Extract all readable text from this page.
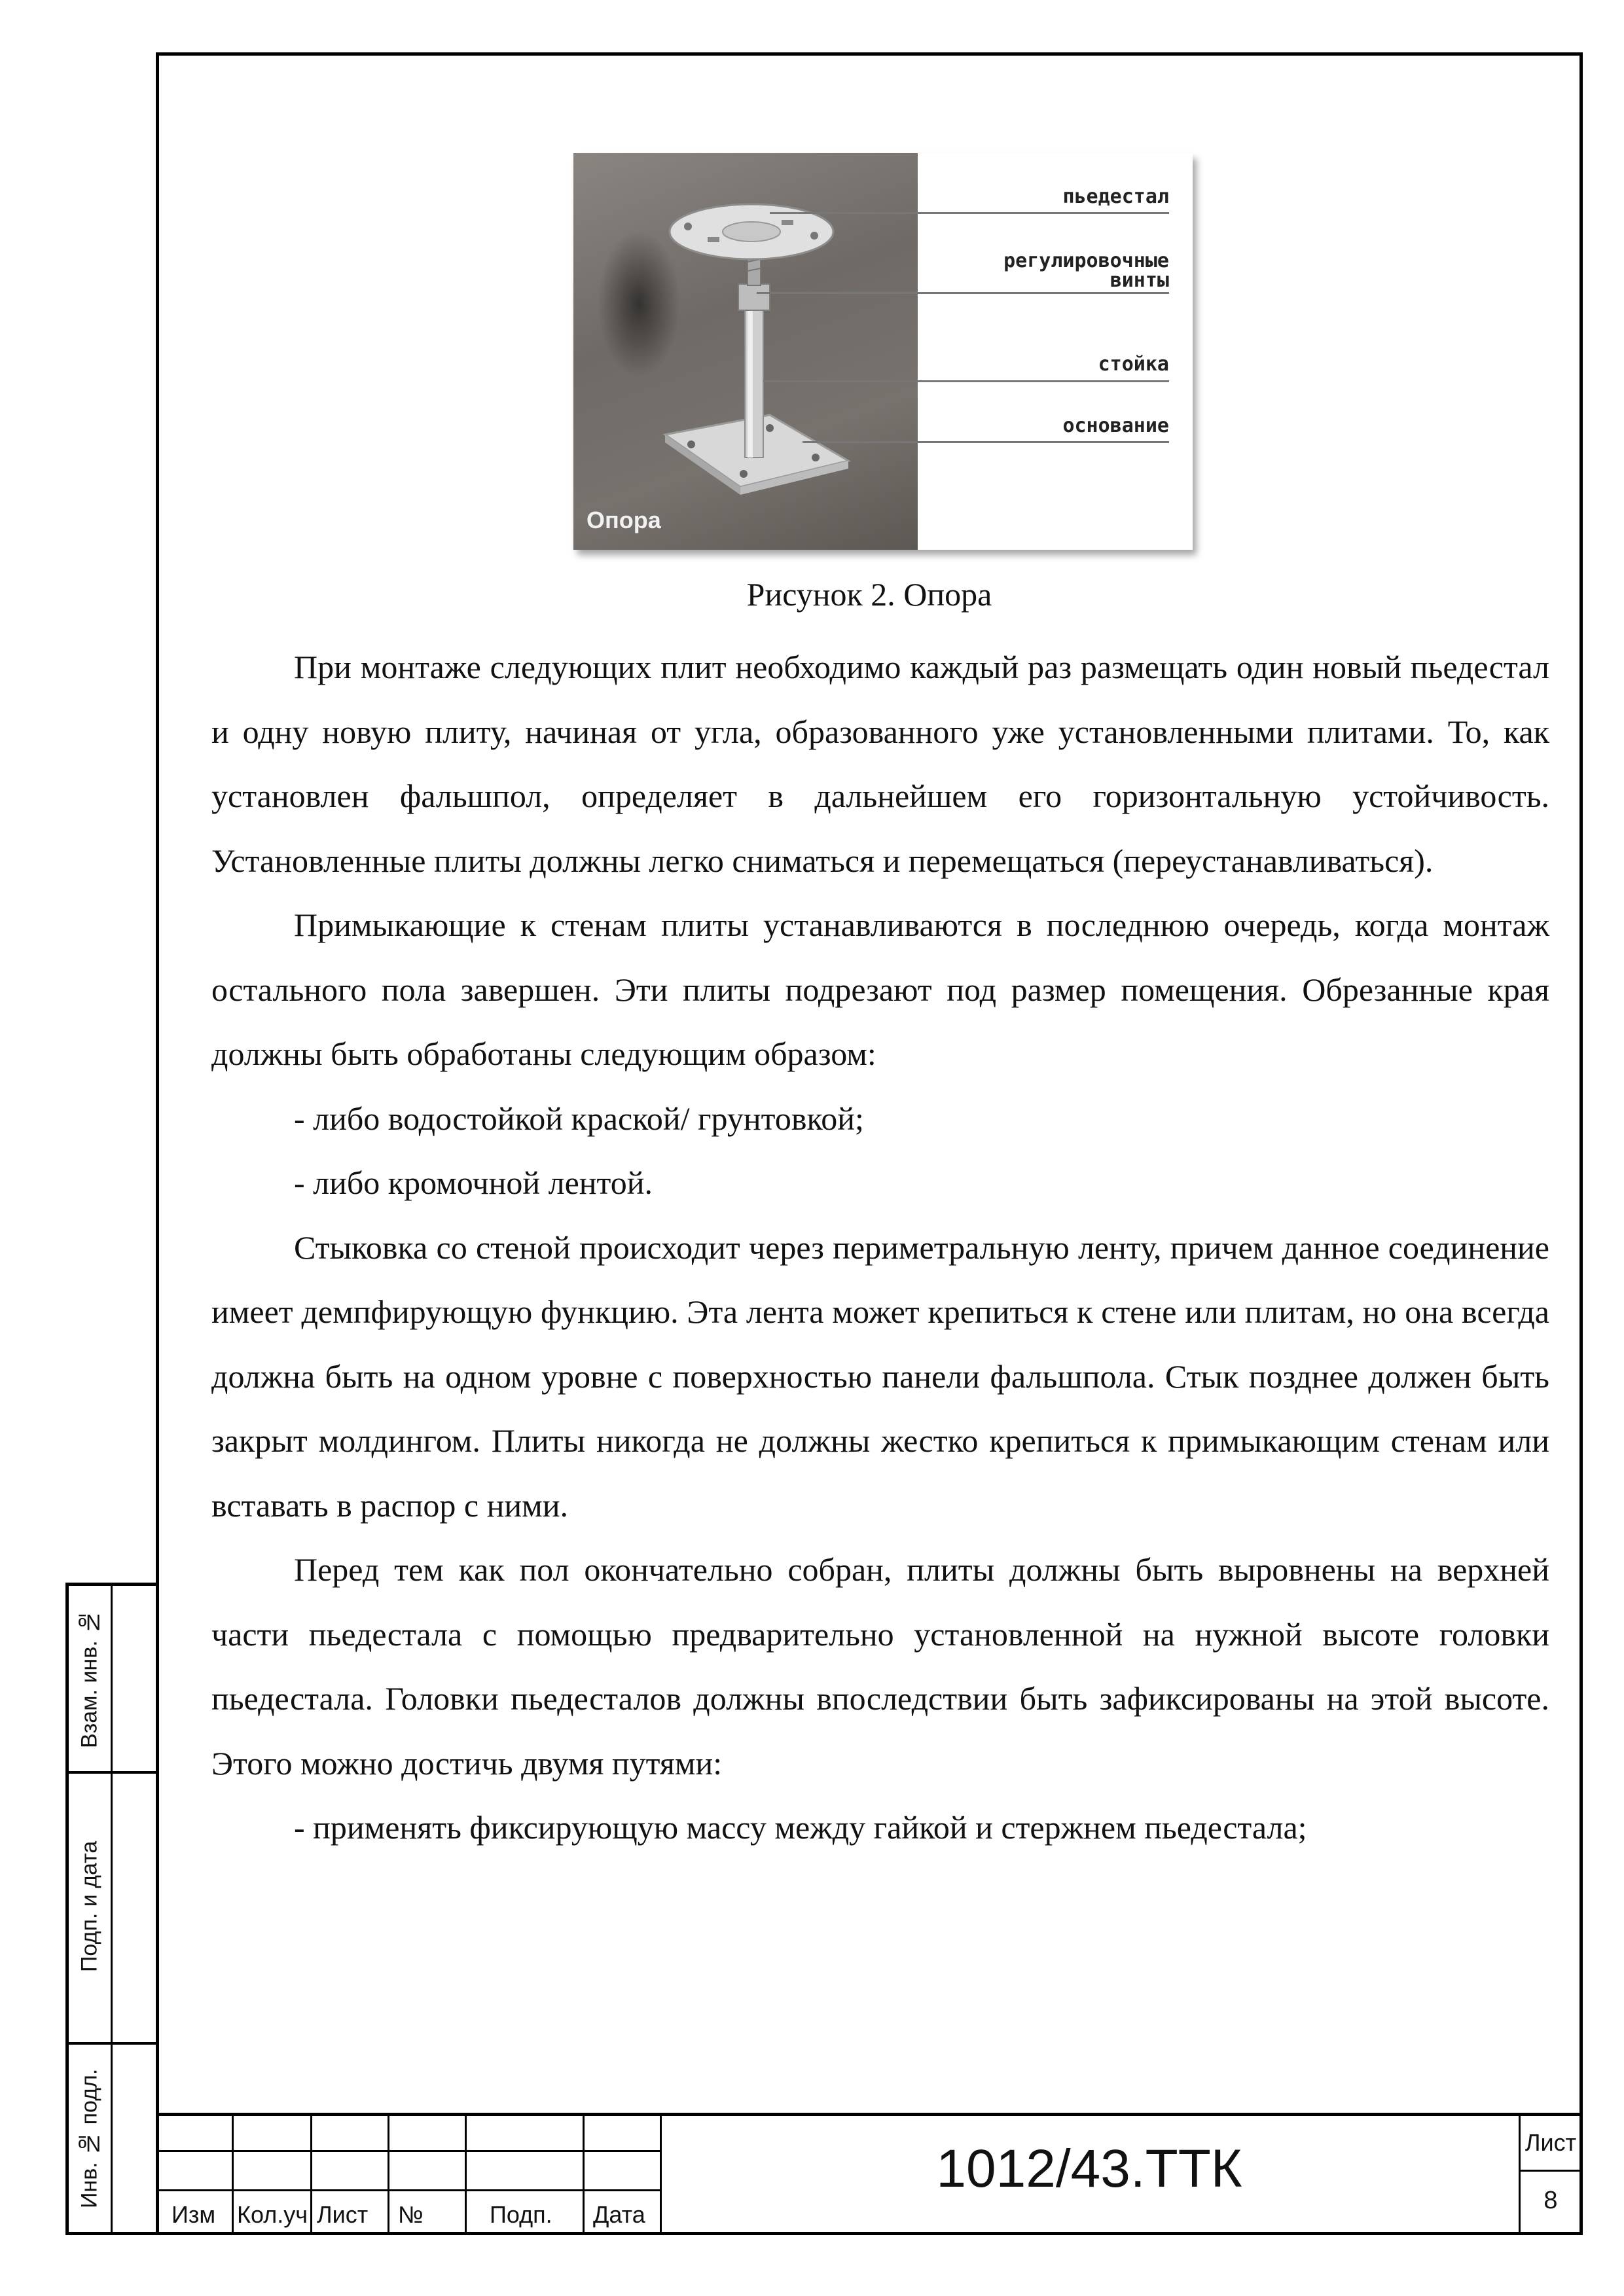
Опора
пьедестал
регулировочные
винты
стойка
основание
Рисунок 2. Опора

При монтаже следующих плит необходимо каждый раз размещать один новый пьедестал и одну новую плиту, начиная от угла, образованного уже установленными плитами. То, как установлен фальшпол, определяет в дальнейшем его горизонтальную устойчивость. Установленные плиты должны легко сниматься и перемещаться (переустанавливаться).

Примыкающие к стенам плиты устанавливаются в последнюю очередь, когда монтаж остального пола завершен. Эти плиты подрезают под размер помещения. Обрезанные края должны быть обработаны следующим образом:

- либо водостойкой краской/ грунтовкой;

- либо кромочной лентой.

Стыковка со стеной происходит через периметральную ленту, причем данное соединение имеет демпфирующую функцию. Эта лента может крепиться к стене или плитам, но она всегда должна быть на одном уровне с поверхностью панели фальшпола. Стык позднее должен быть закрыт молдингом. Плиты никогда не должны жестко крепиться к примыкающим стенам или вставать в распор с ними.

Перед тем как пол окончательно собран, плиты должны быть выровнены на верхней части пьедестала с помощью предварительно установленной на нужной высоте головки пьедестала. Головки пьедесталов должны впоследствии быть зафиксированы на этой высоте. Этого можно достичь двумя путями:

- применять фиксирующую массу между гайкой и стержнем пьедестала;

Взам. инв. №
Подп. и дата
Инв. № подл.
Изм Кол.уч Лист №	Подп. Дата
1012/43.ТТК	Лист
8
